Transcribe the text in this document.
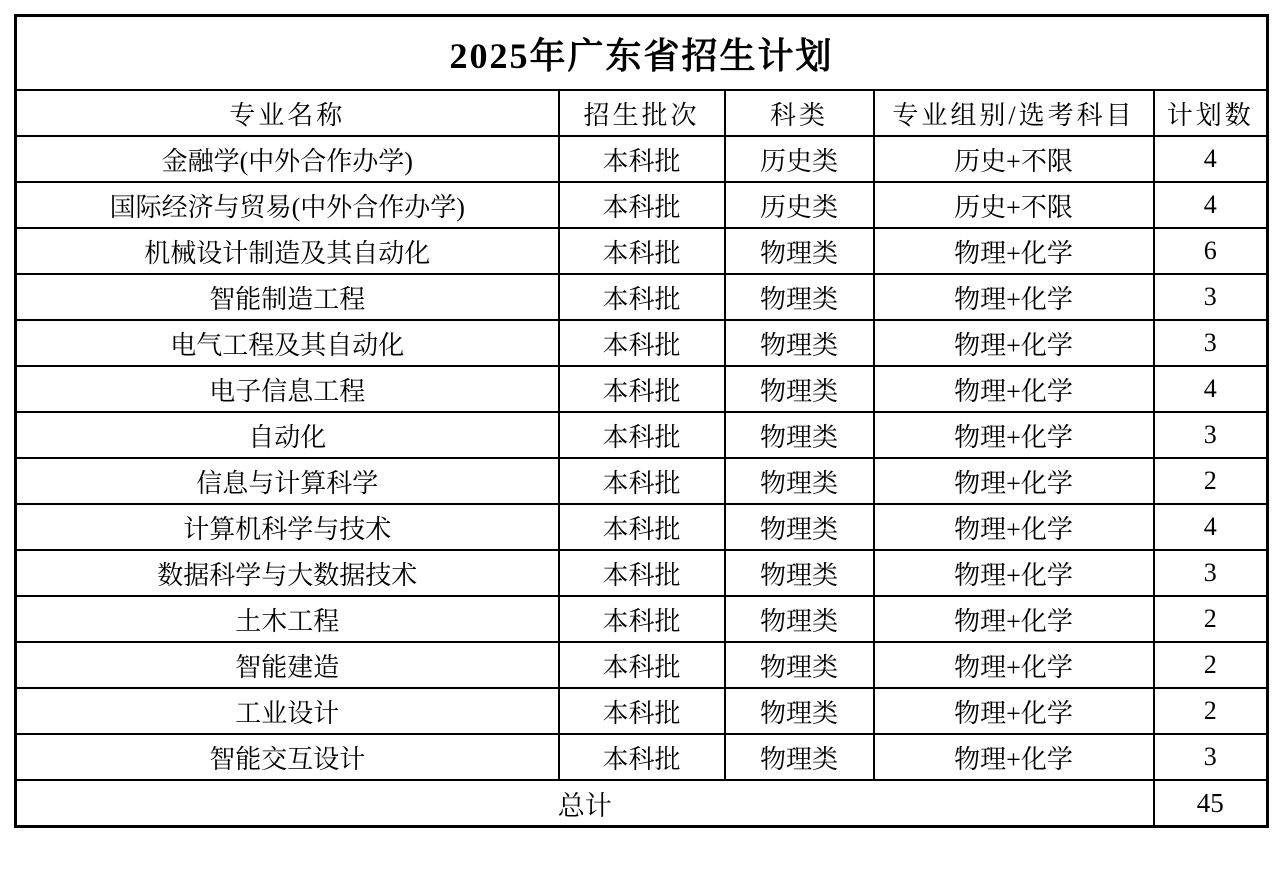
2025年广东省招生计划				
专业名称	招生批次	科类	专业组别/选考科目	计划数
金融学(中外合作办学)	本科批	历史类	历史+不限	4
国际经济与贸易(中外合作办学)	本科批	历史类	历史+不限	4
机械设计制造及其自动化	本科批	物理类	物理+化学	6
智能制造工程	本科批	物理类	物理+化学	3
电气工程及其自动化	本科批	物理类	物理+化学	3
电子信息工程	本科批	物理类	物理+化学	4
自动化	本科批	物理类	物理+化学	3
信息与计算科学	本科批	物理类	物理+化学	2
计算机科学与技术	本科批	物理类	物理+化学	4
数据科学与大数据技术	本科批	物理类	物理+化学	3
土木工程	本科批	物理类	物理+化学	2
智能建造	本科批	物理类	物理+化学	2
工业设计	本科批	物理类	物理+化学	2
智能交互设计	本科批	物理类	物理+化学	3
总计				45
